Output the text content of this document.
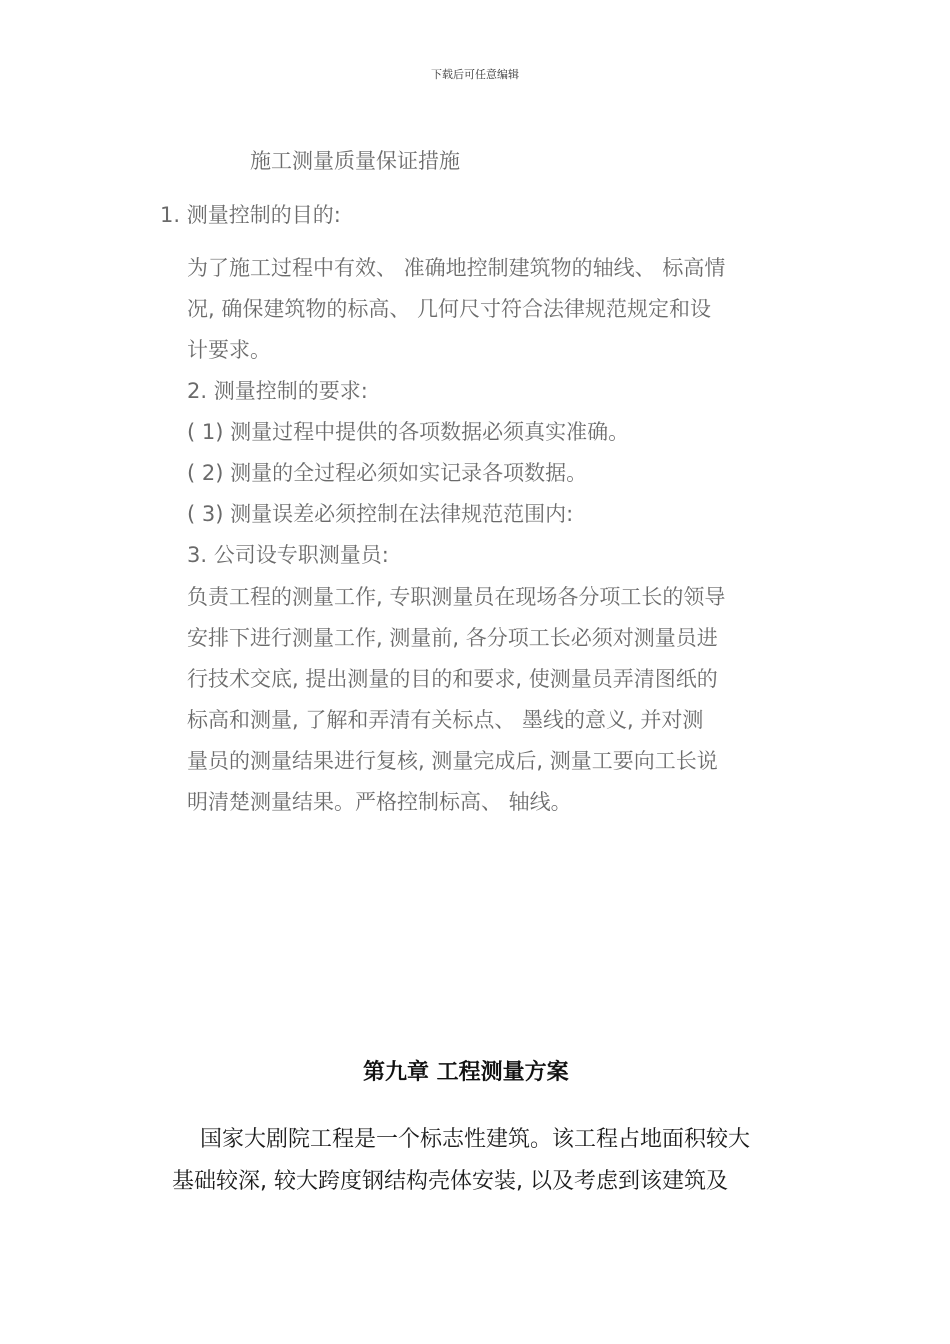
下载后可任意编辑
施工测量质量保证措施
1. 测量控制的目的:
为了施工过程中有效、 准确地控制建筑物的轴线、 标高情
况, 确保建筑物的标高、 几何尺寸符合法律规范规定和设
计要求。
2. 测量控制的要求:
( 1) 测量过程中提供的各项数据必须真实准确。
( 2) 测量的全过程必须如实记录各项数据。
( 3) 测量误差必须控制在法律规范范围内:
3. 公司设专职测量员:
负责工程的测量工作, 专职测量员在现场各分项工长的领导
安排下进行测量工作, 测量前, 各分项工长必须对测量员进
行技术交底, 提出测量的目的和要求, 使测量员弄清图纸的
标高和测量, 了解和弄清有关标点、 墨线的意义, 并对测
量员的测量结果进行复核, 测量完成后, 测量工要向工长说
明清楚测量结果。严格控制标高、 轴线。
第九章 工程测量方案
国家大剧院工程是一个标志性建筑。该工程占地面积较大
基础较深, 较大跨度钢结构壳体安装, 以及考虑到该建筑及
